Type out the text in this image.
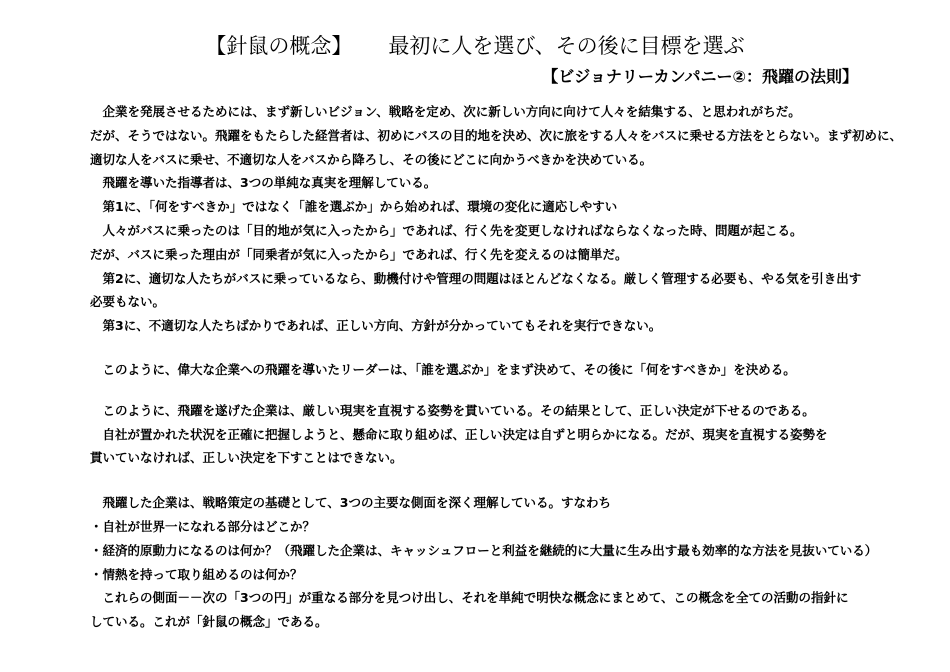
【針鼠の概念】 最初に人を選び、その後に目標を選ぶ
【ビジョナリーカンパニー②：飛躍の法則】
　企業を発展させるためには、まず新しいビジョン、戦略を定め、次に新しい方向に向けて人々を結集する、と思われがちだ。
だが、そうではない。飛躍をもたらした経営者は、初めにバスの目的地を決め、次に旅をする人々をバスに乗せる方法をとらない。まず初めに、
適切な人をバスに乗せ、不適切な人をバスから降ろし、その後にどこに向かうべきかを決めている。
　飛躍を導いた指導者は、3つの単純な真実を理解している。
　第1に、「何をすべきか」ではなく「誰を選ぶか」から始めれば、環境の変化に適応しやすい
　人々がバスに乗ったのは「目的地が気に入ったから」であれば、行く先を変更しなければならなくなった時、問題が起こる。
だが、バスに乗った理由が「同乗者が気に入ったから」であれば、行く先を変えるのは簡単だ。
　第2に、適切な人たちがバスに乗っているなら、動機付けや管理の問題はほとんどなくなる。厳しく管理する必要も、やる気を引き出す
必要もない。
　第3に、不適切な人たちばかりであれば、正しい方向、方針が分かっていてもそれを実行できない。
　このように、偉大な企業への飛躍を導いたリーダーは、「誰を選ぶか」をまず決めて、その後に「何をすべきか」を決める。
　このように、飛躍を遂げた企業は、厳しい現実を直視する姿勢を貫いている。その結果として、正しい決定が下せるのである。
　自社が置かれた状況を正確に把握しようと、懸命に取り組めば、正しい決定は自ずと明らかになる。だが、現実を直視する姿勢を
貫いていなければ、正しい決定を下すことはできない。
　飛躍した企業は、戦略策定の基礎として、3つの主要な側面を深く理解している。すなわち
・自社が世界一になれる部分はどこか？
・経済的原動力になるのは何か？（飛躍した企業は、キャッシュフローと利益を継続的に大量に生み出す最も効率的な方法を見抜いている）
・情熱を持って取り組めるのは何か？
　これらの側面－－次の「3つの円」が重なる部分を見つけ出し、それを単純で明快な概念にまとめて、この概念を全ての活動の指針に
している。これが「針鼠の概念」である。
